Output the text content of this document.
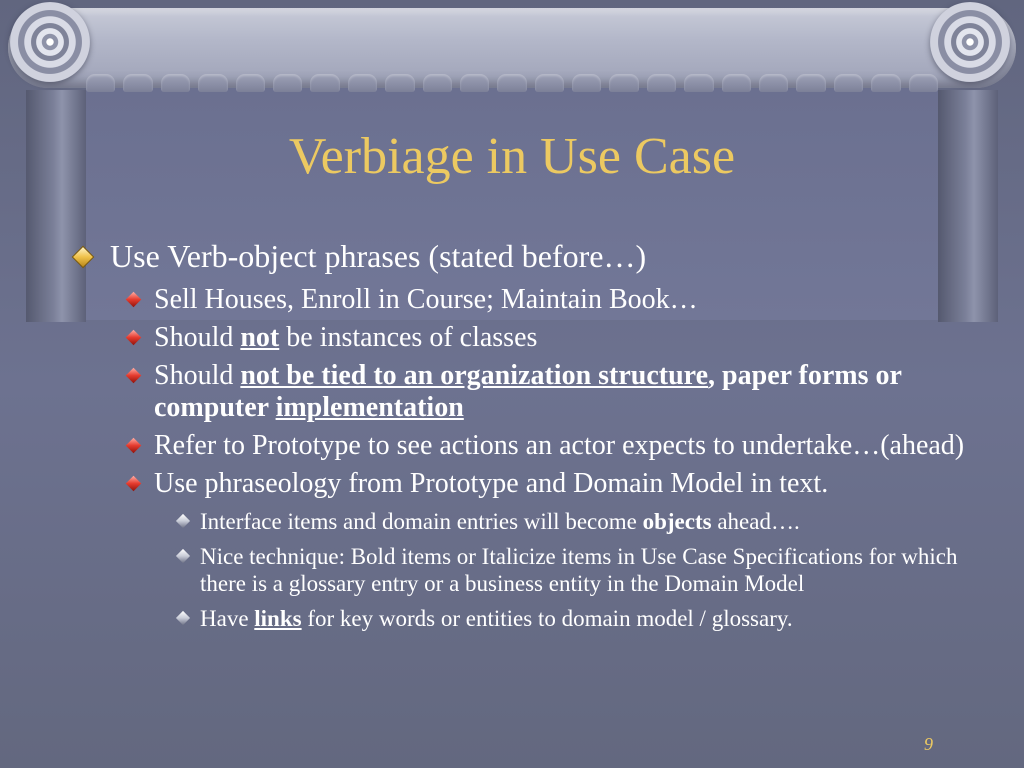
Verbiage in Use Case
Use Verb-object phrases (stated before…)
Sell Houses, Enroll in Course; Maintain Book…
Should not be instances of classes
Should not be tied to an organization structure, paper forms or computer implementation
Refer to Prototype to see actions an actor expects to undertake…(ahead)
Use phraseology from Prototype and Domain Model in text.
Interface items and domain entries will become objects ahead….
Nice technique: Bold items or Italicize items in Use Case Specifications for which there is a glossary entry or a business entity in the Domain Model
Have links for key words or entities to domain model / glossary.
9
